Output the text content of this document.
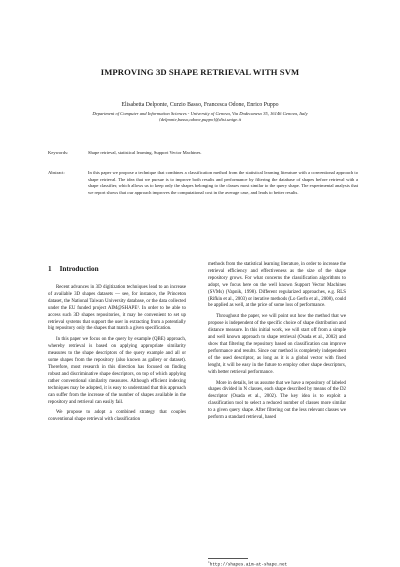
IMPROVING 3D SHAPE RETRIEVAL WITH SVM
Elisabetta Delponte, Curzio Basso, Francesca Odone, Enrico Puppo
Department of Computer and Information Sciences - University of Genova, Via Dodecaneso 35, 16146 Genova, Italy
{delponte,basso,odone,puppo}@disi.unige.it
Keywords:	Shape retrieval, statistical learning, Support Vector Machines.
Abstract:	In this paper we propose a technique that combines a classification method from the statistical learning literature with a conventional approach to shape retrieval. The idea that we pursue is to improve both results and performance by filtering the database of shapes before retrieval with a shape classifier, which allows us to keep only the shapes belonging to the classes most similar to the query shape. The experimental analysis that we report shows that our approach improves the computational cost in the average case, and leads to better results.
1 Introduction

Recent advances in 3D digitization techniques lead to an increase of available 3D shapes datasets — see, for instance, the Princeton dataset, the National Taiwan University database, or the data collected under the EU funded project AIM@SHAPE¹. In order to be able to access such 3D shapes repositories, it may be convenient to set up retrieval systems that support the user in extracting from a potentially big repository only the shapes that match a given specification.

In this paper we focus on the query by example (QBE) approach, whereby retrieval is based on applying appropriate similarity measures to the shape descriptors of the query example and all or some shapes from the repository (also known as gallery or dataset). Therefore, most research in this direction has focused on finding robust and discriminative shape descriptors, on top of which applying rather conventional similarity measures. Although efficient indexing techniques may be adopted, it is easy to understand that this approach can suffer from the increase of the number of shapes available in the repository and retrieval can easily fail.

We propose to adopt a combined strategy that couples conventional shape retrieval with classification

methods from the statistical learning literature, in order to increase the retrieval efficiency and effectiveness as the size of the shape repository grows. For what concerns the classification algorithms to adopt, we focus here on the well known Support Vector Machines (SVMs) (Vapnik, 1998). Different regularized approaches, e.g. RLS (Rifkin et al., 2003) or iterative methods (Lo Gerfo et al., 2008), could be applied as well, at the price of some loss of performance.

Throughout the paper, we will point out how the method that we propose is independent of the specific choice of shape distribution and distance measure. In this initial work, we will start off from a simple and well known approach to shape retrieval (Osada et al., 2002) and show that filtering the repository based on classification can improve performance and results. Since our method is completely independent of the used descriptor, as long as it is a global vector with fixed lenght, it will be easy in the future to employ other shape descriptors, with better retrieval performance.

More in details, let us assume that we have a repository of labeled shapes divided in N classes, each shape described by means of the D2 descriptor (Osada et al., 2002). The key idea is to exploit a classification tool to select a reduced number of classes more similar to a given query shape. After filtering out the less relevant classes we perform a standard retrieval, based

$^1$http://shapes.aim-at-shape.net
